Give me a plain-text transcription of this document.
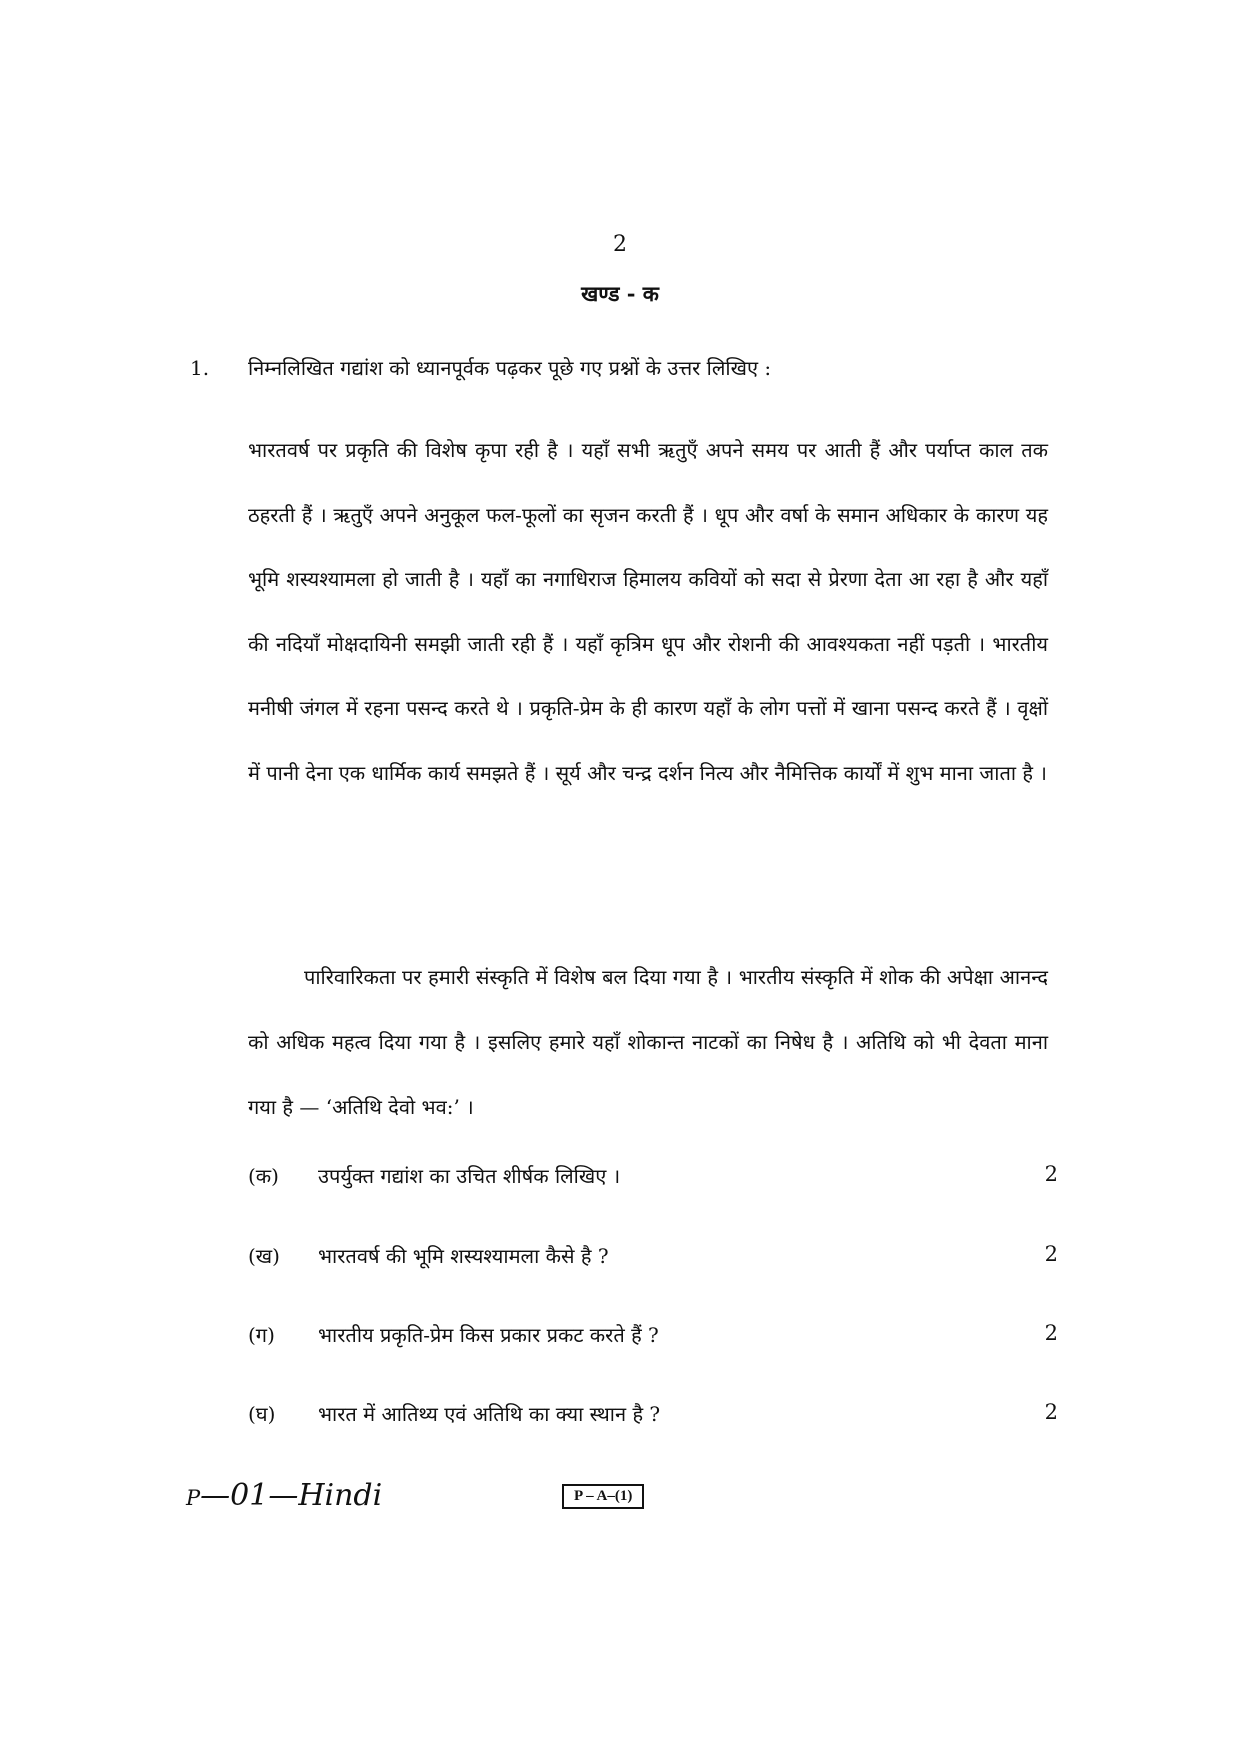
2
खण्ड - क
1. निम्नलिखित गद्यांश को ध्यानपूर्वक पढ़कर पूछे गए प्रश्नों के उत्तर लिखिए :

भारतवर्ष पर प्रकृति की विशेष कृपा रही है । यहाँ सभी ऋतुएँ अपने समय पर आती हैं और पर्याप्त काल तक ठहरती हैं । ऋतुएँ अपने अनुकूल फल-फूलों का सृजन करती हैं । धूप और वर्षा के समान अधिकार के कारण यह भूमि शस्यश्यामला हो जाती है । यहाँ का नगाधिराज हिमालय कवियों को सदा से प्रेरणा देता आ रहा है और यहाँ की नदियाँ मोक्षदायिनी समझी जाती रही हैं । यहाँ कृत्रिम धूप और रोशनी की आवश्यकता नहीं पड़ती । भारतीय मनीषी जंगल में रहना पसन्द करते थे । प्रकृति-प्रेम के ही कारण यहाँ के लोग पत्तों में खाना पसन्द करते हैं । वृक्षों में पानी देना एक धार्मिक कार्य समझते हैं । सूर्य और चन्द्र दर्शन नित्य और नैमित्तिक कार्यों में शुभ माना जाता है ।

पारिवारिकता पर हमारी संस्कृति में विशेष बल दिया गया है । भारतीय संस्कृति में शोक की अपेक्षा आनन्द को अधिक महत्व दिया गया है । इसलिए हमारे यहाँ शोकान्त नाटकों का निषेध है । अतिथि को भी देवता माना गया है — ‘अतिथि देवो भव:’ ।

(क) उपर्युक्त गद्यांश का उचित शीर्षक लिखिए ।	2
(ख) भारतवर्ष की भूमि शस्यश्यामला कैसे है ?	2
(ग) भारतीय प्रकृति-प्रेम किस प्रकार प्रकट करते हैं ?	2
(घ) भारत में आतिथ्य एवं अतिथि का क्या स्थान है ?	2
P—01—Hindi	P – A–(1)
